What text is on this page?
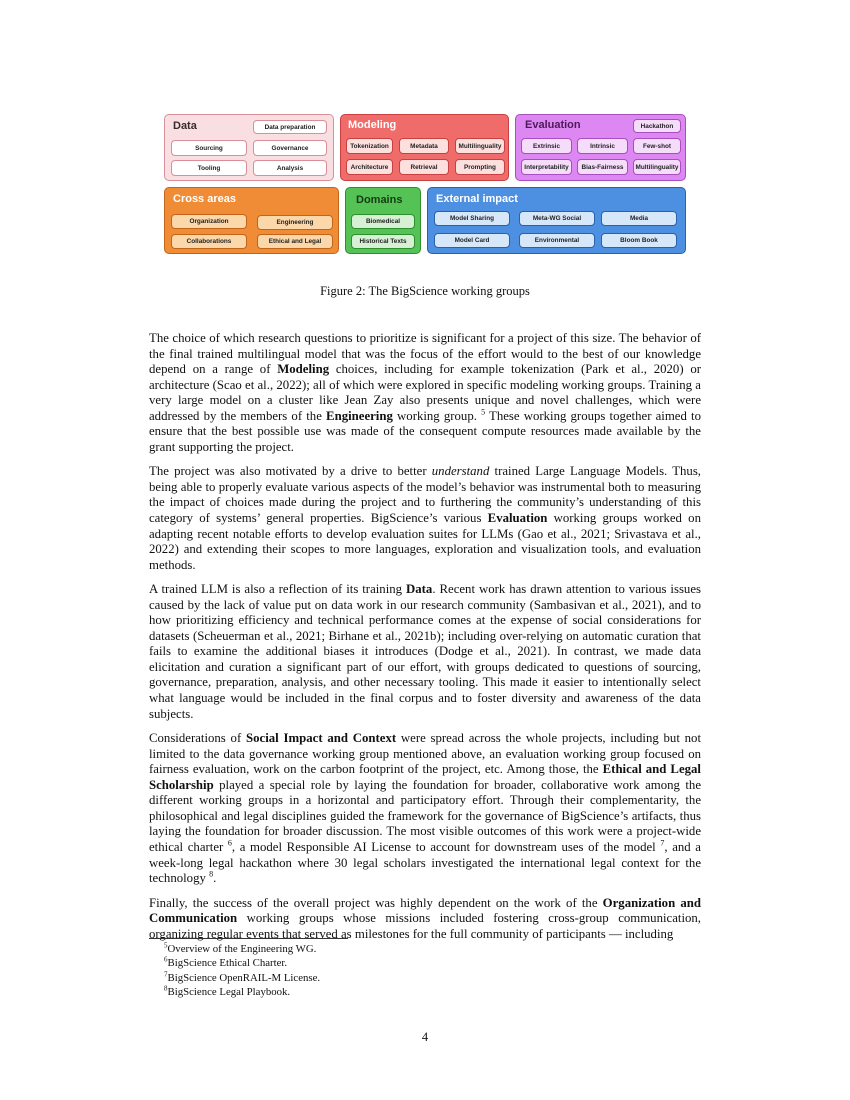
Data	Data preparation
Sourcing	Governance
Tooling	Analysis
Modeling
Tokenization	Metadata	Multilinguality
Architecture	Retrieval	Prompting
Evaluation	Hackathon
Extrinsic	Intrinsic	Few-shot
Interpretability	Bias-Fairness	Multilinguality
Cross areas
Organization	Engineering
Collaborations	Ethical and Legal
Domains
Biomedical
Historical Texts
External impact
Model Sharing	Meta-WG Social	Media
Model Card	Environmental	Bloom Book
Figure 2: The BigScience working groups

The choice of which research questions to prioritize is significant for a project of this size. The behavior of the final trained multilingual model that was the focus of the effort would to the best of our knowledge depend on a range of Modeling choices, including for example tokenization (Park et al., 2020) or architecture (Scao et al., 2022); all of which were explored in specific modeling working groups. Training a very large model on a cluster like Jean Zay also presents unique and novel challenges, which were addressed by the members of the Engineering working group. $^5$ These working groups together aimed to ensure that the best possible use was made of the consequent compute resources made available by the grant supporting the project.

The project was also motivated by a drive to better understand trained Large Language Models. Thus, being able to properly evaluate various aspects of the model’s behavior was instrumental both to measuring the impact of choices made during the project and to furthering the community’s understanding of this category of systems’ general properties. BigScience’s various Evaluation working groups worked on adapting recent notable efforts to develop evaluation suites for LLMs (Gao et al., 2021; Srivastava et al., 2022) and extending their scopes to more languages, exploration and visualization tools, and evaluation methods.

A trained LLM is also a reflection of its training Data. Recent work has drawn attention to various issues caused by the lack of value put on data work in our research community (Sambasivan et al., 2021), and to how prioritizing efficiency and technical performance comes at the expense of social considerations for datasets (Scheuerman et al., 2021; Birhane et al., 2021b); including over-relying on automatic curation that fails to examine the additional biases it introduces (Dodge et al., 2021). In contrast, we made data elicitation and curation a significant part of our effort, with groups dedicated to questions of sourcing, governance, preparation, analysis, and other necessary tooling. This made it easier to intentionally select what language would be included in the final corpus and to foster diversity and awareness of the data subjects.

Considerations of Social Impact and Context were spread across the whole projects, including but not limited to the data governance working group mentioned above, an evaluation working group focused on fairness evaluation, work on the carbon footprint of the project, etc. Among those, the Ethical and Legal Scholarship played a special role by laying the foundation for broader, collaborative work among the different working groups in a horizontal and participatory effort. Through their complementarity, the philosophical and legal disciplines guided the framework for the governance of BigScience’s artifacts, thus laying the foundation for broader discussion. The most visible outcomes of this work were a project-wide ethical charter $^6$, a model Responsible AI License to account for downstream uses of the model $^7$, and a week-long legal hackathon where 30 legal scholars investigated the international legal context for the technology $^8$.

Finally, the success of the overall project was highly dependent on the work of the Organization and Communication working groups whose missions included fostering cross-group communication, organizing regular events that served as milestones for the full community of participants — including

$^5$Overview of the Engineering WG.
$^6$BigScience Ethical Charter.
$^7$BigScience OpenRAIL-M License.
$^8$BigScience Legal Playbook.
4
